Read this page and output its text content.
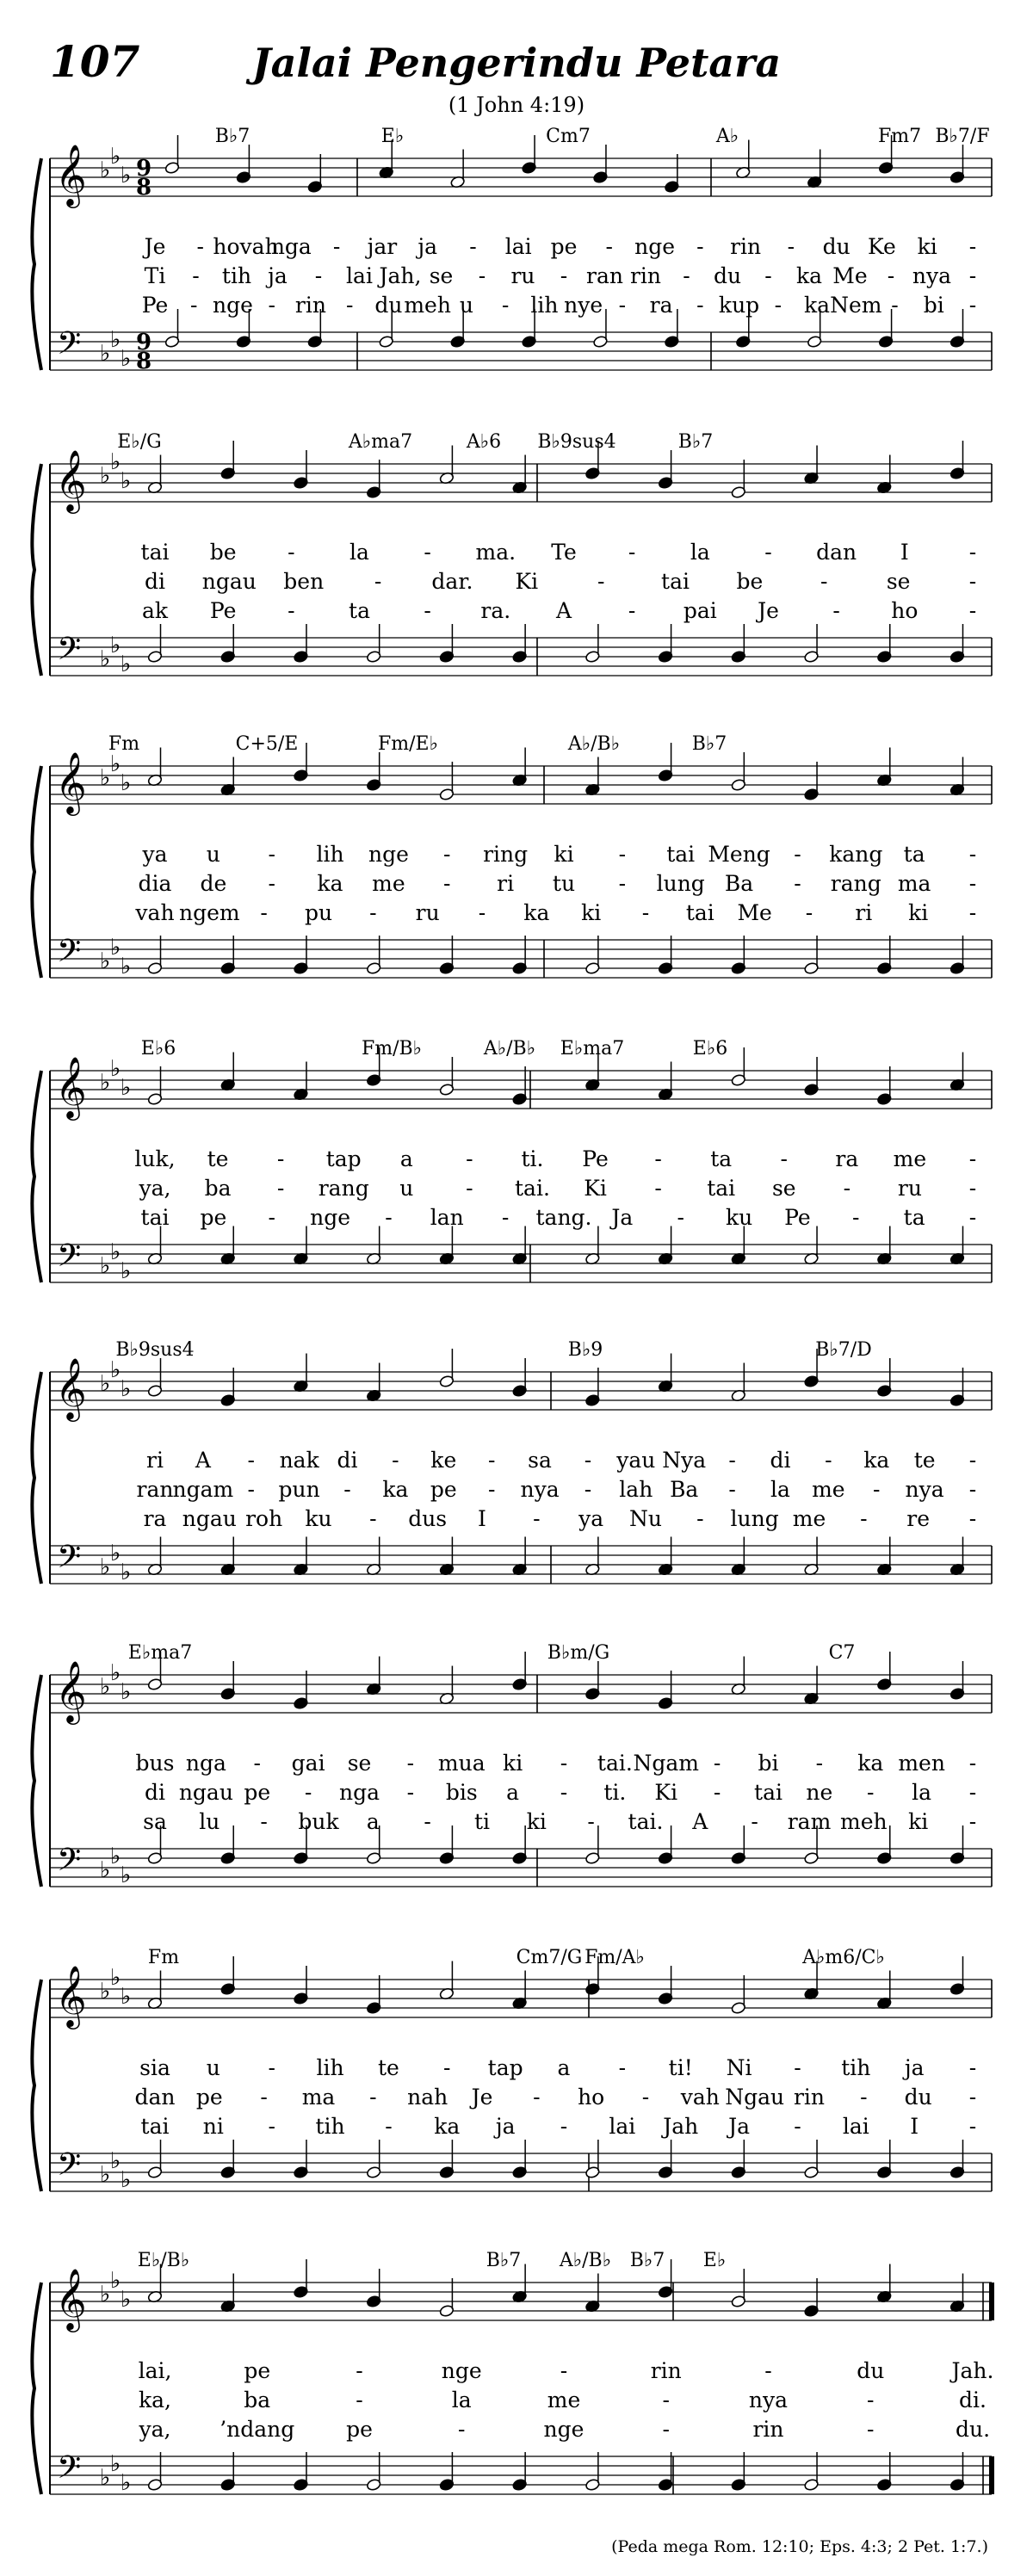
107	Jalai Pengerindu Petara
(1 John 4:19)
(Peda mega Rom. 12:10; Eps. 4:3; 2 Pet. 1:7.)
𝄞
𝄢
♭
♭
♭
♭
♭
♭
9
8
9
8
B♭7	E♭	Cm7	A♭	Fm7 B♭7/F
Je - hovah
nga - jar ja - lai pe - nge - rin - du Ke ki -
Ti - tih ja - lai Jah, se - ru - ran rin - du - ka Me - nya -
Pe - nge - rin - du meh u - lih nye - ra - kup - ka Nem - bi -
𝄞
𝄢
♭
♭
♭
♭
♭
♭
E♭/G	A♭ma7	A♭6 B♭9sus4	B♭7
tai be -	la	- ma. Te -	la	- dan I	-
di ngau ben - dar. Ki	-	tai be	-	se	-
ak Pe - ta - ra. A	- pai Je	- ho -
𝄞
𝄢
♭
♭
♭
♭
♭
♭
Fm	C+5/E	Fm/E♭	A♭/B♭	B♭7
ya u - lih nge - ring ki - tai Meng - kang ta -
dia de - ka me - ri tu - lung Ba - rang ma -
vah ngem - pu - ru - ka ki - tai Me - ri ki -
𝄞
𝄢
♭
♭
♭
♭
♭
♭
E♭6	Fm/B♭	A♭/B♭ E♭ma7	E♭6
luk, te - tap a - ti. Pe - ta - ra me -
ya, ba - rang u - tai. Ki - tai se - ru -
tai pe - nge - lan - tang. Ja - ku Pe - ta -
𝄞
𝄢
♭
♭
♭
♭
♭
♭
B♭9sus4	B♭9	B♭7/D
ri A - nak di - ke - sa - yau Nya - di - ka te -
ran ngam - pun - ka pe - nya - lah Ba - la me - nya -
ra ngau roh ku - dus I - ya Nu - lung me - re -
𝄞
𝄢
♭
♭
♭
♭
♭
♭
E♭ma7	B♭m/G	C7
bus nga - gai se - mua ki - tai. Ngam - bi - ka men -
di ngau pe - nga - bis a - ti. Ki - tai ne - la -
sa lu - buk a - ti ki - tai. A - ram meh ki -
𝄞
𝄢
♭
♭
♭
♭
♭
♭
Fm	Cm7/G Fm/A♭	A♭m6/C♭
sia u - lih te - tap a - ti! Ni - tih ja -
dan pe - ma - nah Je - ho - vah Ngau rin - du -
tai ni - tih - ka ja - lai Jah Ja - lai I -
𝄞
𝄢
♭
♭
♭
♭
♭
♭
E♭/B♭	B♭7 A♭/B♭ B♭7 E♭
lai,	pe	-	nge	-	rin	-	du	Jah.
ka,	ba	-	la	me	-	nya	-	di.
ya, ’ndang pe	-	nge	-	rin	-	du.
